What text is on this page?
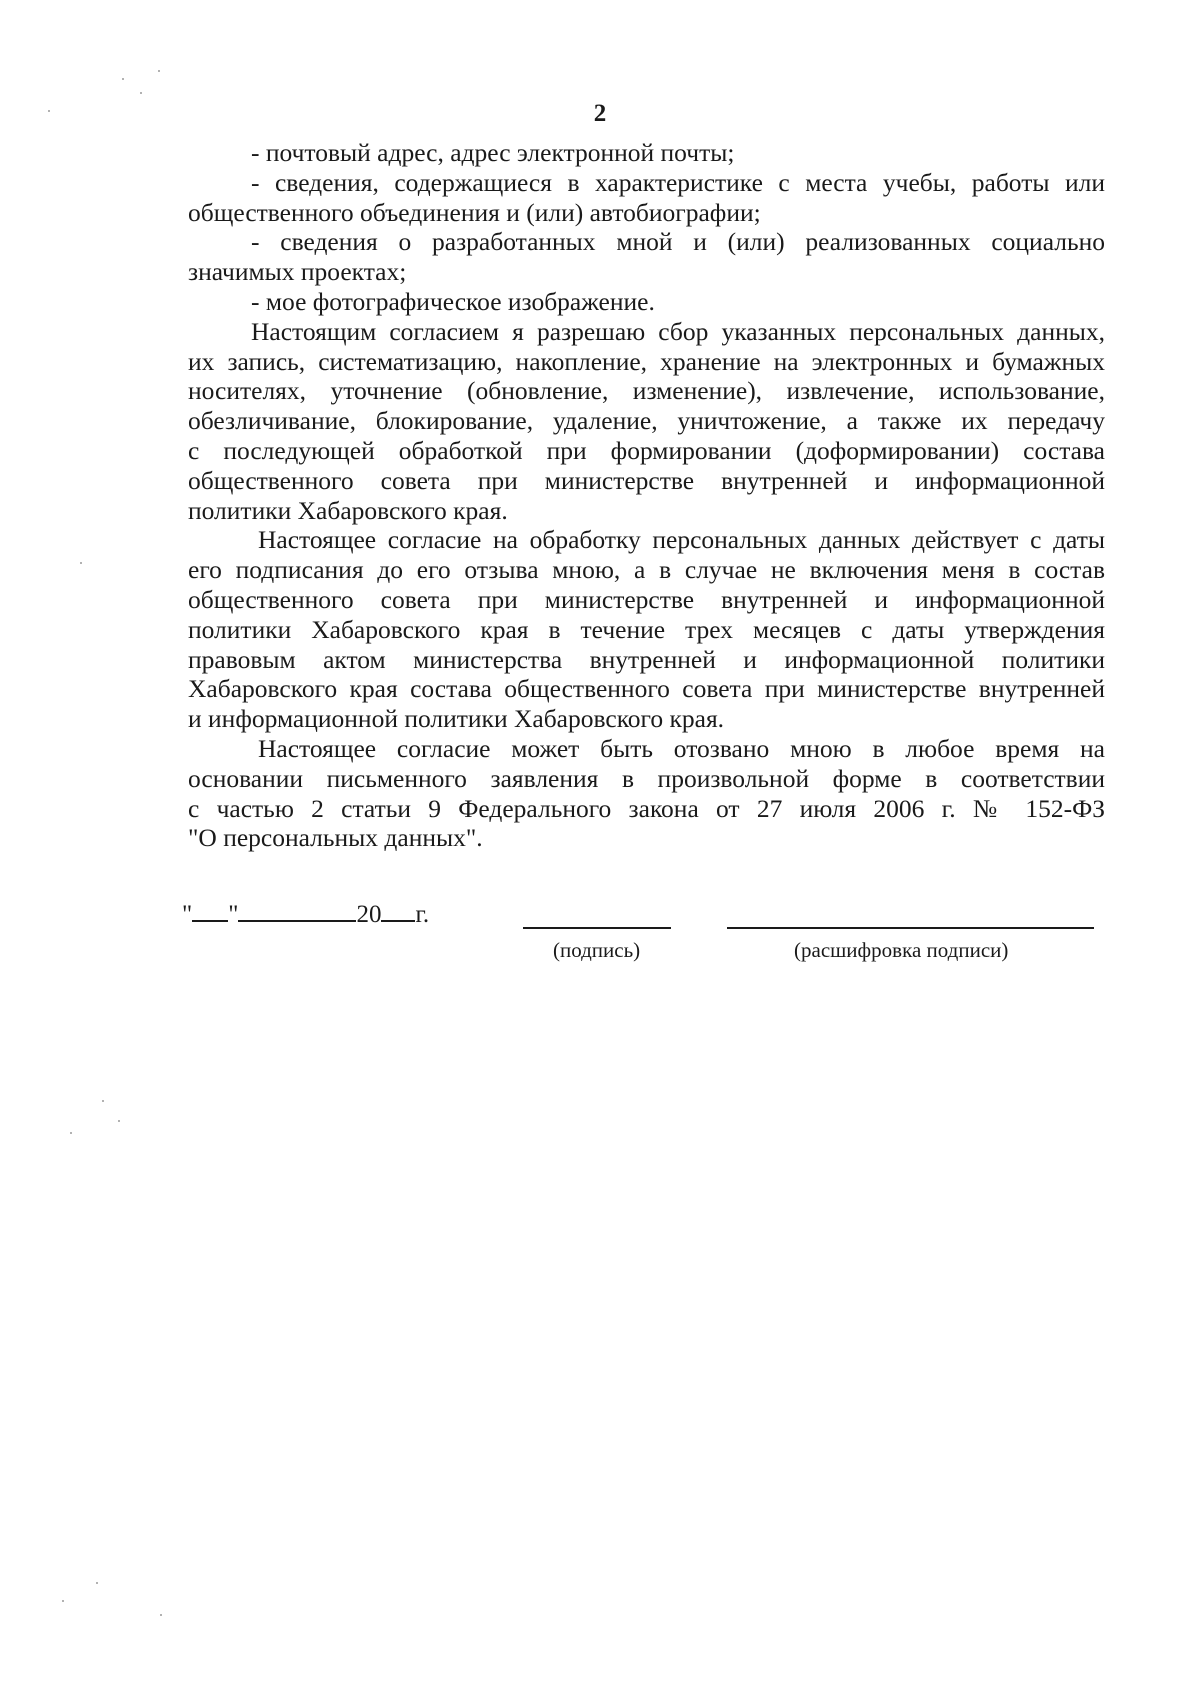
2
- почтовый адрес, адрес электронной почты;
- сведения, содержащиеся в характеристике с места учебы, работы или
общественного объединения и (или) автобиографии;
- сведения о разработанных мной и (или) реализованных социально
значимых проектах;
- мое фотографическое изображение.
Настоящим согласием я разрешаю сбор указанных персональных данных,
их запись, систематизацию, накопление, хранение на электронных и бумажных
носителях, уточнение (обновление, изменение), извлечение, использование,
обезличивание, блокирование, удаление, уничтожение, а также их передачу
с последующей обработкой при формировании (доформировании) состава
общественного совета при министерстве внутренней и информационной
политики Хабаровского края.
Настоящее согласие на обработку персональных данных действует с даты
его подписания до его отзыва мною, а в случае не включения меня в состав
общественного совета при министерстве внутренней и информационной
политики Хабаровского края в течение трех месяцев с даты утверждения
правовым актом министерства внутренней и информационной политики
Хабаровского края состава общественного совета при министерстве внутренней
и информационной политики Хабаровского края.
Настоящее согласие может быть отозвано мною в любое время на
основании письменного заявления в произвольной форме в соответствии
с частью 2 статьи 9 Федерального закона от 27 июля 2006 г. № 152-ФЗ
"О персональных данных".
" "	20 г.
(подпись)	(расшифровка подписи)
